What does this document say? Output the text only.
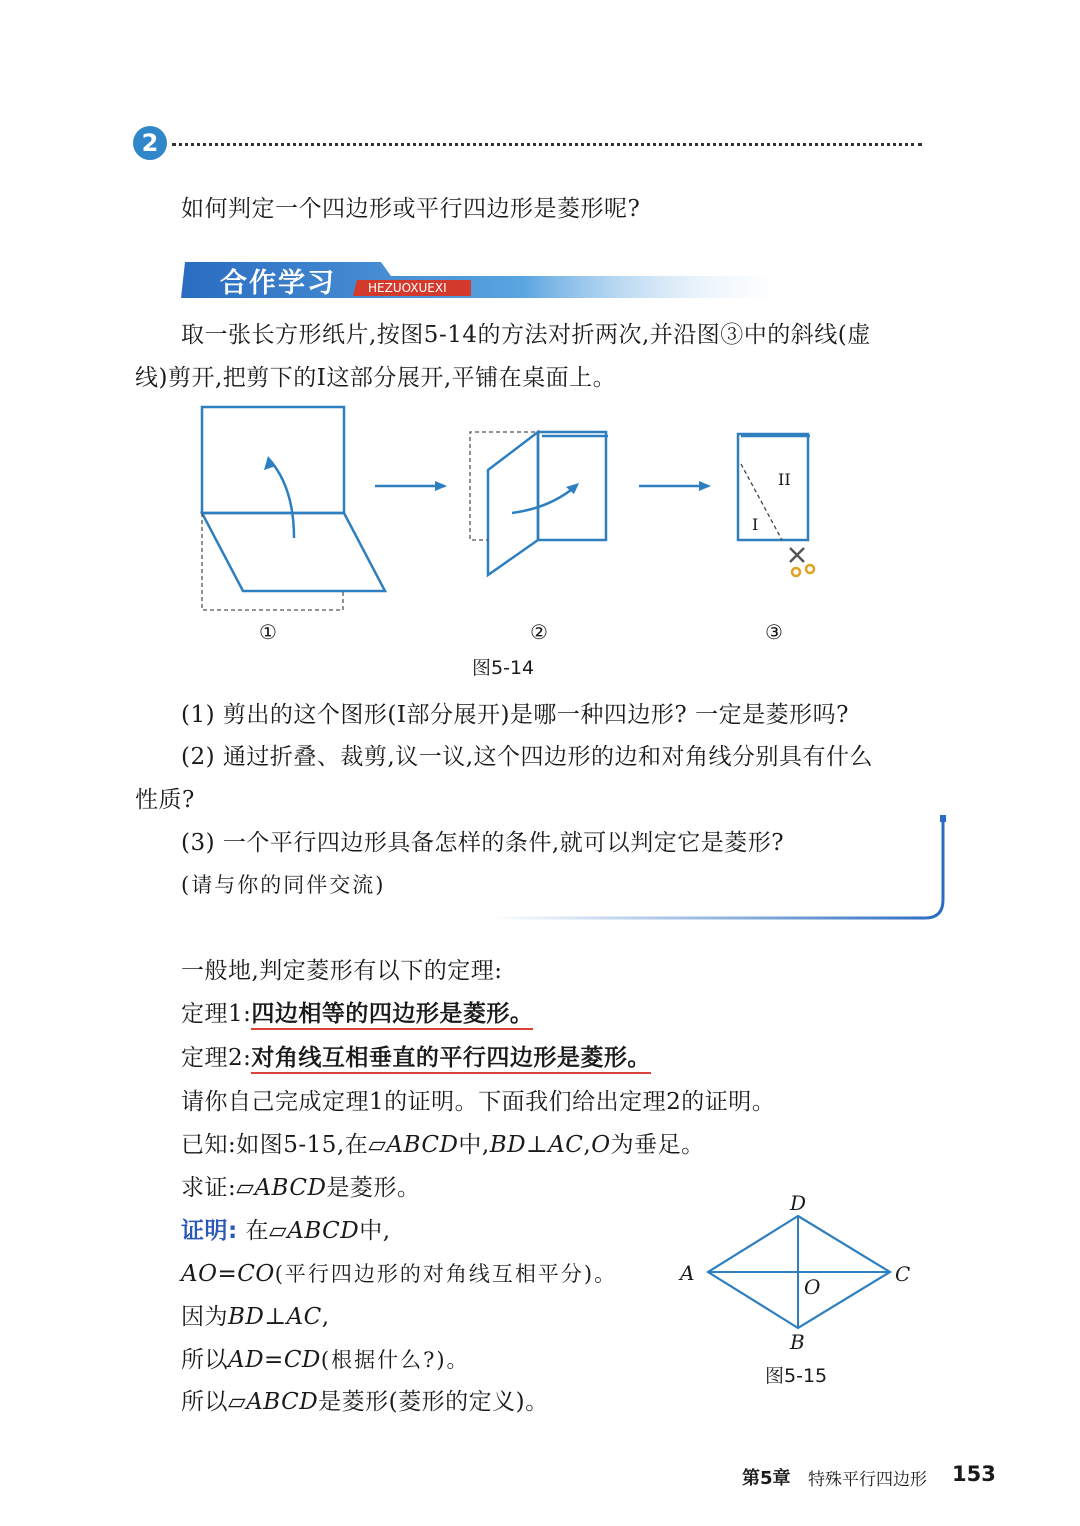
2
如何判定一个四边形或平行四边形是菱形呢?
合作学习	HEZUOXUEXI
取一张长方形纸片,按图5-14的方法对折两次,并沿图③中的斜线(虚
线)剪开,把剪下的I这部分展开,平铺在桌面上。
II
I
①	②	③
图5-14
(1) 剪出的这个图形(I部分展开)是哪一种四边形? 一定是菱形吗?
(2) 通过折叠、裁剪,议一议,这个四边形的边和对角线分别具有什么
性质?
(3) 一个平行四边形具备怎样的条件,就可以判定它是菱形?
(请与你的同伴交流)
一般地,判定菱形有以下的定理:
定理1:四边相等的四边形是菱形。
定理2:对角线互相垂直的平行四边形是菱形。
请你自己完成定理1的证明。下面我们给出定理2的证明。
已知:如图5-15,在▱ABCD中,BD⊥AC,O为垂足。
求证:▱ABCD是菱形。
证明: 在▱ABCD中,
AO=CO(平行四边形的对角线互相平分)。
因为BD⊥AC,
所以AD=CD(根据什么?)。
所以▱ABCD是菱形(菱形的定义)。
D
A	C
O
B
图5-15
第5章 特殊平行四边形 153
